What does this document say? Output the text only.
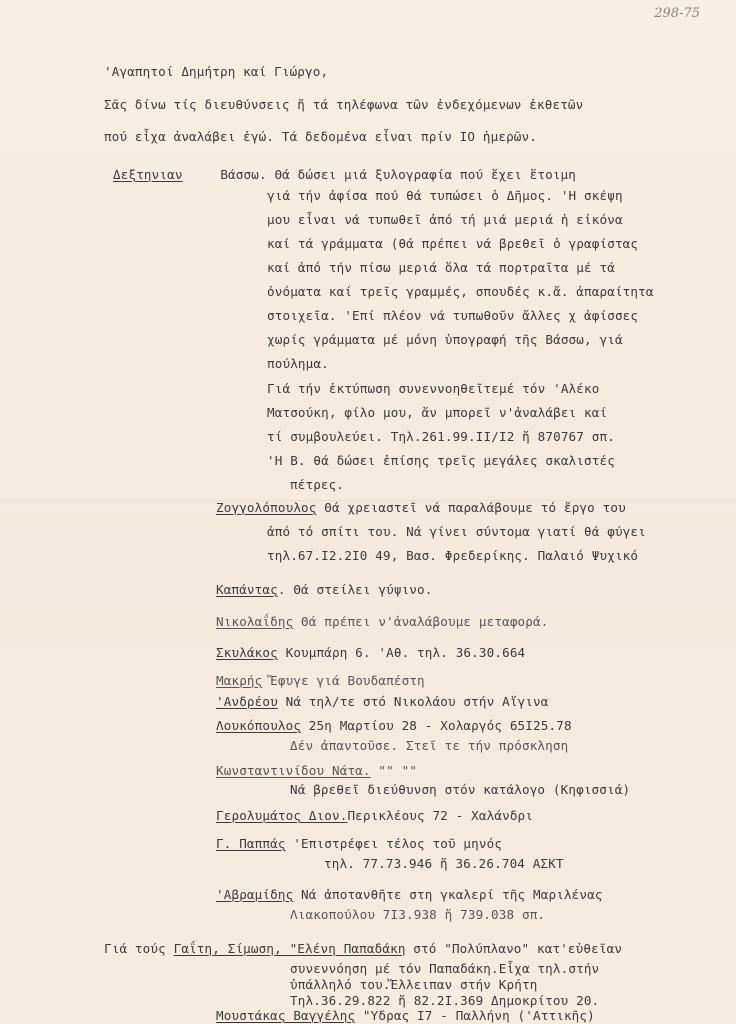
298-75
'Αγαπητοί Δημήτρη καί Γιώργο,
Σᾶς δίνω τίς διευθύνσεις ἤ τά τηλέφωνα τῶν ἐνδεχόμενων ἐκθετῶν
πού εἶχα ἀναλάβει ἐγώ. Τά δεδομένα εἶναι πρίν ΙΟ ἡμερῶν.
Δεξτηνιαν	Βάσσω. Θά δώσει μιά ξυλογραφία πού ἔχει ἕτοιμη
γιά τήν ἀφίσα πού θά τυπώσει ὁ Δῆμος. 'Η σκέψη
μου εἶναι νά τυπωθεῖ ἀπό τή μιά μεριά ἡ εἰκόνα
καί τά γράμματα (θά πρέπει νά βρεθεῖ ὁ γραφίστας
καί ἀπό τήν πίσω μεριά ὅλα τά πορτραῖτα μέ τά
ὀνόματα καί τρεῖς γραμμές, σπουδές κ.ἄ. ἀπαραίτητα
στοιχεῖα. 'Επί πλέον νά τυπωθοῦν ἄλλες χ ἀφίσσες
χωρίς γράμματα μέ μόνη ὑπογραφή τῆς Βάσσω, γιά
πούλημα.
Γιά τήν ἐκτύπωση συνεννοηθεῖτεμέ τόν 'Αλέκο
Ματσούκη, φίλο μου, ἄν μπορεῖ ν'ἀναλάβει καί
τί συμβουλεύει. Τηλ.261.99.ΙΙ/Ι2 ἤ 870767 σπ.
'Η Β. θά δώσει ἐπίσης τρεῖς μεγάλες σκαλιστές
πέτρες.
Ζογγολόπουλος Θά χρειαστεῖ νά παραλάβουμε τό ἔργο του
ἀπό τό σπίτι του. Νά γίνει σύντομα γιατί θά φύγει
τηλ.67.Ι2.2Ι0 49, Βασ. Φρεδερίκης. Παλαιό Ψυχικό
Καπάντας. Θά στείλει γύψινο.
Νικολαΐδης Θά πρέπει ν'ἀναλάβουμε μεταφορά.
Σκυλάκος Κουμπάρη 6. 'Αθ. τηλ. 36.30.664
Μακρής Ἔφυγε γιά Βουδαπέστη
'Ανδρέου Νά τηλ/τε στό Νικολάου στήν Αἴγινα
Λουκόπουλος 25η Μαρτίου 28 - Χολαργός 65Ι25.78
Δέν ἀπαντοῦσε. Στεῖ τε τήν πρόσκληση
Κωνσταντινίδου Νάτα. "" ""
Νά βρεθεῖ διεύθυνση στόν κατάλογο (Κηφισσιά)
Γερολυμάτος Διον.Περικλέους 72 - Χαλάνδρι
Γ. Παππάς 'Επιστρέφει τέλος τοῦ μηνός
τηλ. 77.73.946 ἤ 36.26.704 ΑΣΚΤ
'Αβραμίδης Νά ἀποτανθῆτε στη γκαλερί τῆς Μαριλένας
Λιακοπούλου 7Ι3.938 ἤ 739.038 σπ.
Γιά τούς Γαΐτη, Σίμωση, "Ελένη Παπαδάκη στό "Πολύπλανο" κατ'εὐθεῖαν
συνεννόηση μέ τόν Παπαδάκη.Εἶχα τηλ.στήν
ὑπάλληλό του.Ἔλλειπαν στήν Κρήτη
Τηλ.36.29.822 ἤ 82.2Ι.369 Δημοκρίτου 20.
Μουστάκας Βαγγέλης "Υδρας Ι7 - Παλλήνη ('Αττικῆς)
